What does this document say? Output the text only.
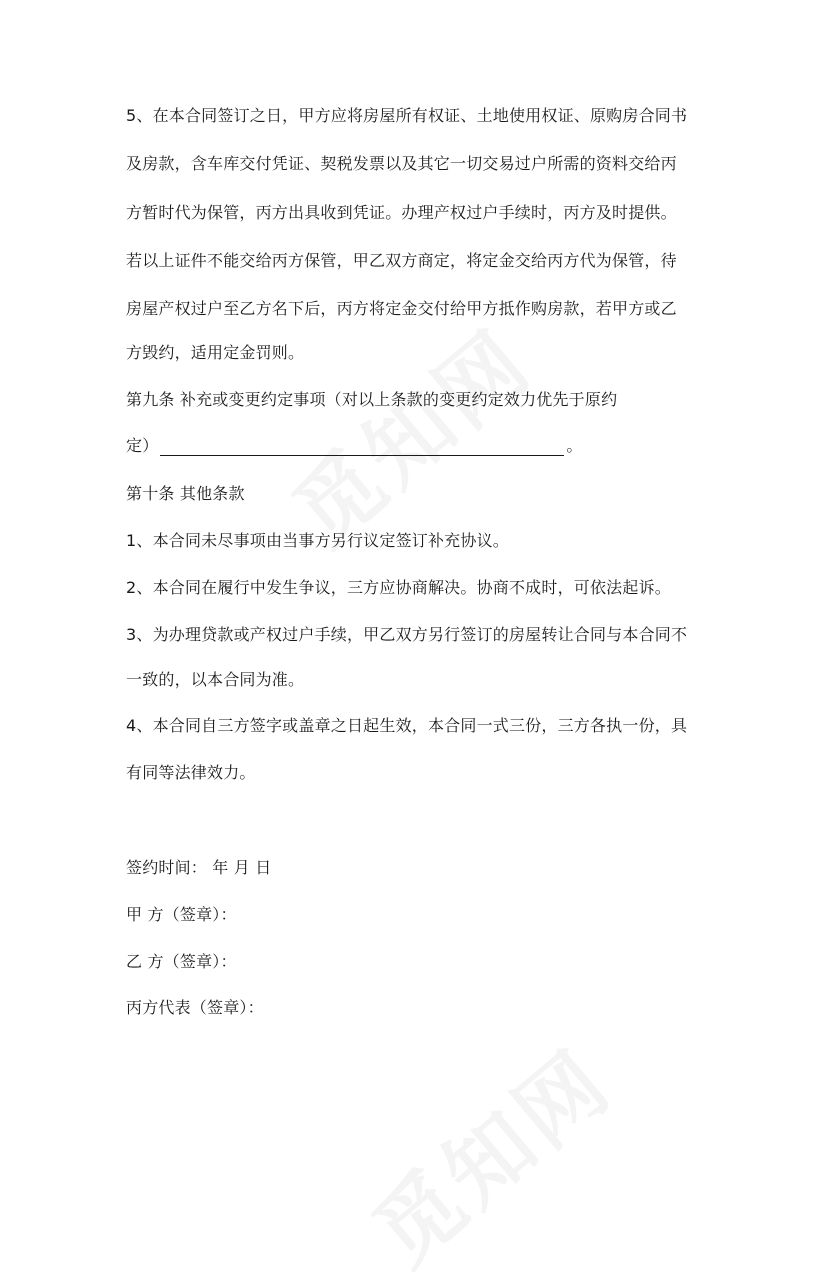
5、在本合同签订之日，甲方应将房屋所有权证、土地使用权证、原购房合同书
及房款，含车库交付凭证、契税发票以及其它一切交易过户所需的资料交给丙
方暂时代为保管，丙方出具收到凭证。办理产权过户手续时，丙方及时提供。
若以上证件不能交给丙方保管，甲乙双方商定，将定金交给丙方代为保管，待
房屋产权过户至乙方名下后，丙方将定金交付给甲方抵作购房款，若甲方或乙
方毁约，适用定金罚则。
第九条 补充或变更约定事项（对以上条款的变更约定效力优先于原约
定）	。
第十条 其他条款
1、本合同未尽事项由当事方另行议定签订补充协议。
2、本合同在履行中发生争议，三方应协商解决。协商不成时，可依法起诉。
3、为办理贷款或产权过户手续，甲乙双方另行签订的房屋转让合同与本合同不
一致的，以本合同为准。
4、本合同自三方签字或盖章之日起生效，本合同一式三份，三方各执一份，具
有同等法律效力。
签约时间： 年 月 日
甲 方（签章）：
乙 方（签章）：
丙方代表（签章）：
